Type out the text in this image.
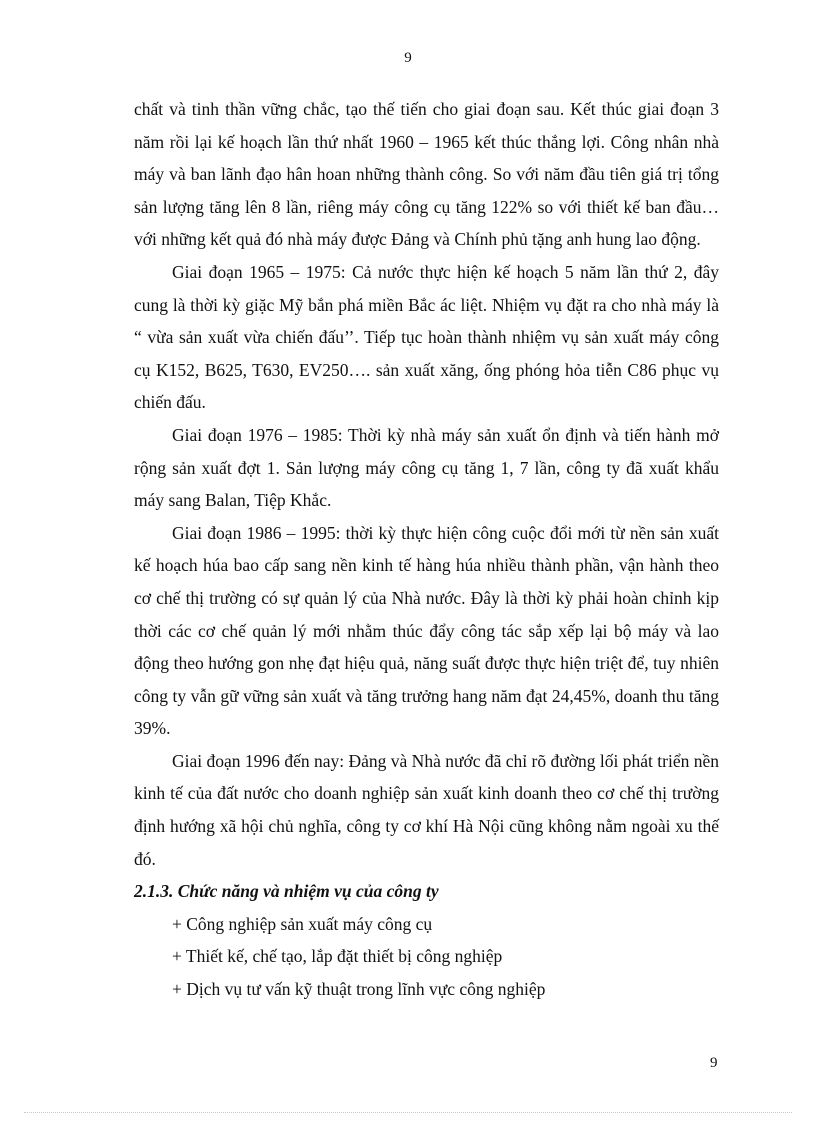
9

chất và tinh thần vững chắc, tạo thế tiến cho giai đoạn sau. Kết thúc giai đoạn 3 năm rồi lại kế hoạch lần thứ nhất 1960 – 1965 kết thúc thắng lợi. Công nhân nhà máy và ban lãnh đạo hân hoan những thành công. So với năm đầu tiên giá trị tổng sản lượng tăng lên 8 lần, riêng máy công cụ tăng 122% so với thiết kế ban đầu… với những kết quả đó nhà máy được Đảng và Chính phủ tặng anh hung lao động.

Giai đoạn 1965 – 1975: Cả nước thực hiện kế hoạch 5 năm lần thứ 2, đây cung là thời kỳ giặc Mỹ bắn phá miền Bắc ác liệt. Nhiệm vụ đặt ra cho nhà máy là “ vừa sản xuất vừa chiến đấu’’. Tiếp tục hoàn thành nhiệm vụ sản xuất máy công cụ K152, B625, T630, EV250…. sản xuất xăng, ống phóng hỏa tiễn C86 phục vụ chiến đấu.

Giai đoạn 1976 – 1985: Thời kỳ nhà máy sản xuất ổn định và tiến hành mở rộng sản xuất đợt 1. Sản lượng máy công cụ tăng 1, 7 lần, công ty đã xuất khẩu máy sang Balan, Tiệp Khắc.

Giai đoạn 1986 – 1995: thời kỳ thực hiện công cuộc đổi mới từ nền sản xuất kế hoạch húa bao cấp sang nền kinh tế hàng húa nhiều thành phần, vận hành theo cơ chế thị trường có sự quản lý của Nhà nước. Đây là thời kỳ phải hoàn chỉnh kịp thời các cơ chế quản lý mới nhằm thúc đẩy công tác sắp xếp lại bộ máy và lao động theo hướng gon nhẹ đạt hiệu quả, năng suất được thực hiện triệt để, tuy nhiên công ty vẫn gữ vững sản xuất và tăng trưởng hang năm đạt 24,45%, doanh thu tăng 39%.

Giai đoạn 1996 đến nay: Đảng và Nhà nước đã chỉ rõ đường lối phát triển nền kinh tế của đất nước cho doanh nghiệp sản xuất kinh doanh theo cơ chế thị trường định hướng xã hội chủ nghĩa, công ty cơ khí Hà Nội cũng không nằm ngoài xu thế đó.

2.1.3. Chức năng và nhiệm vụ của công ty

+ Công nghiệp sản xuất máy công cụ

+ Thiết kế, chế tạo, lắp đặt thiết bị công nghiệp

+ Dịch vụ tư vấn kỹ thuật trong lĩnh vực công nghiệp

9
